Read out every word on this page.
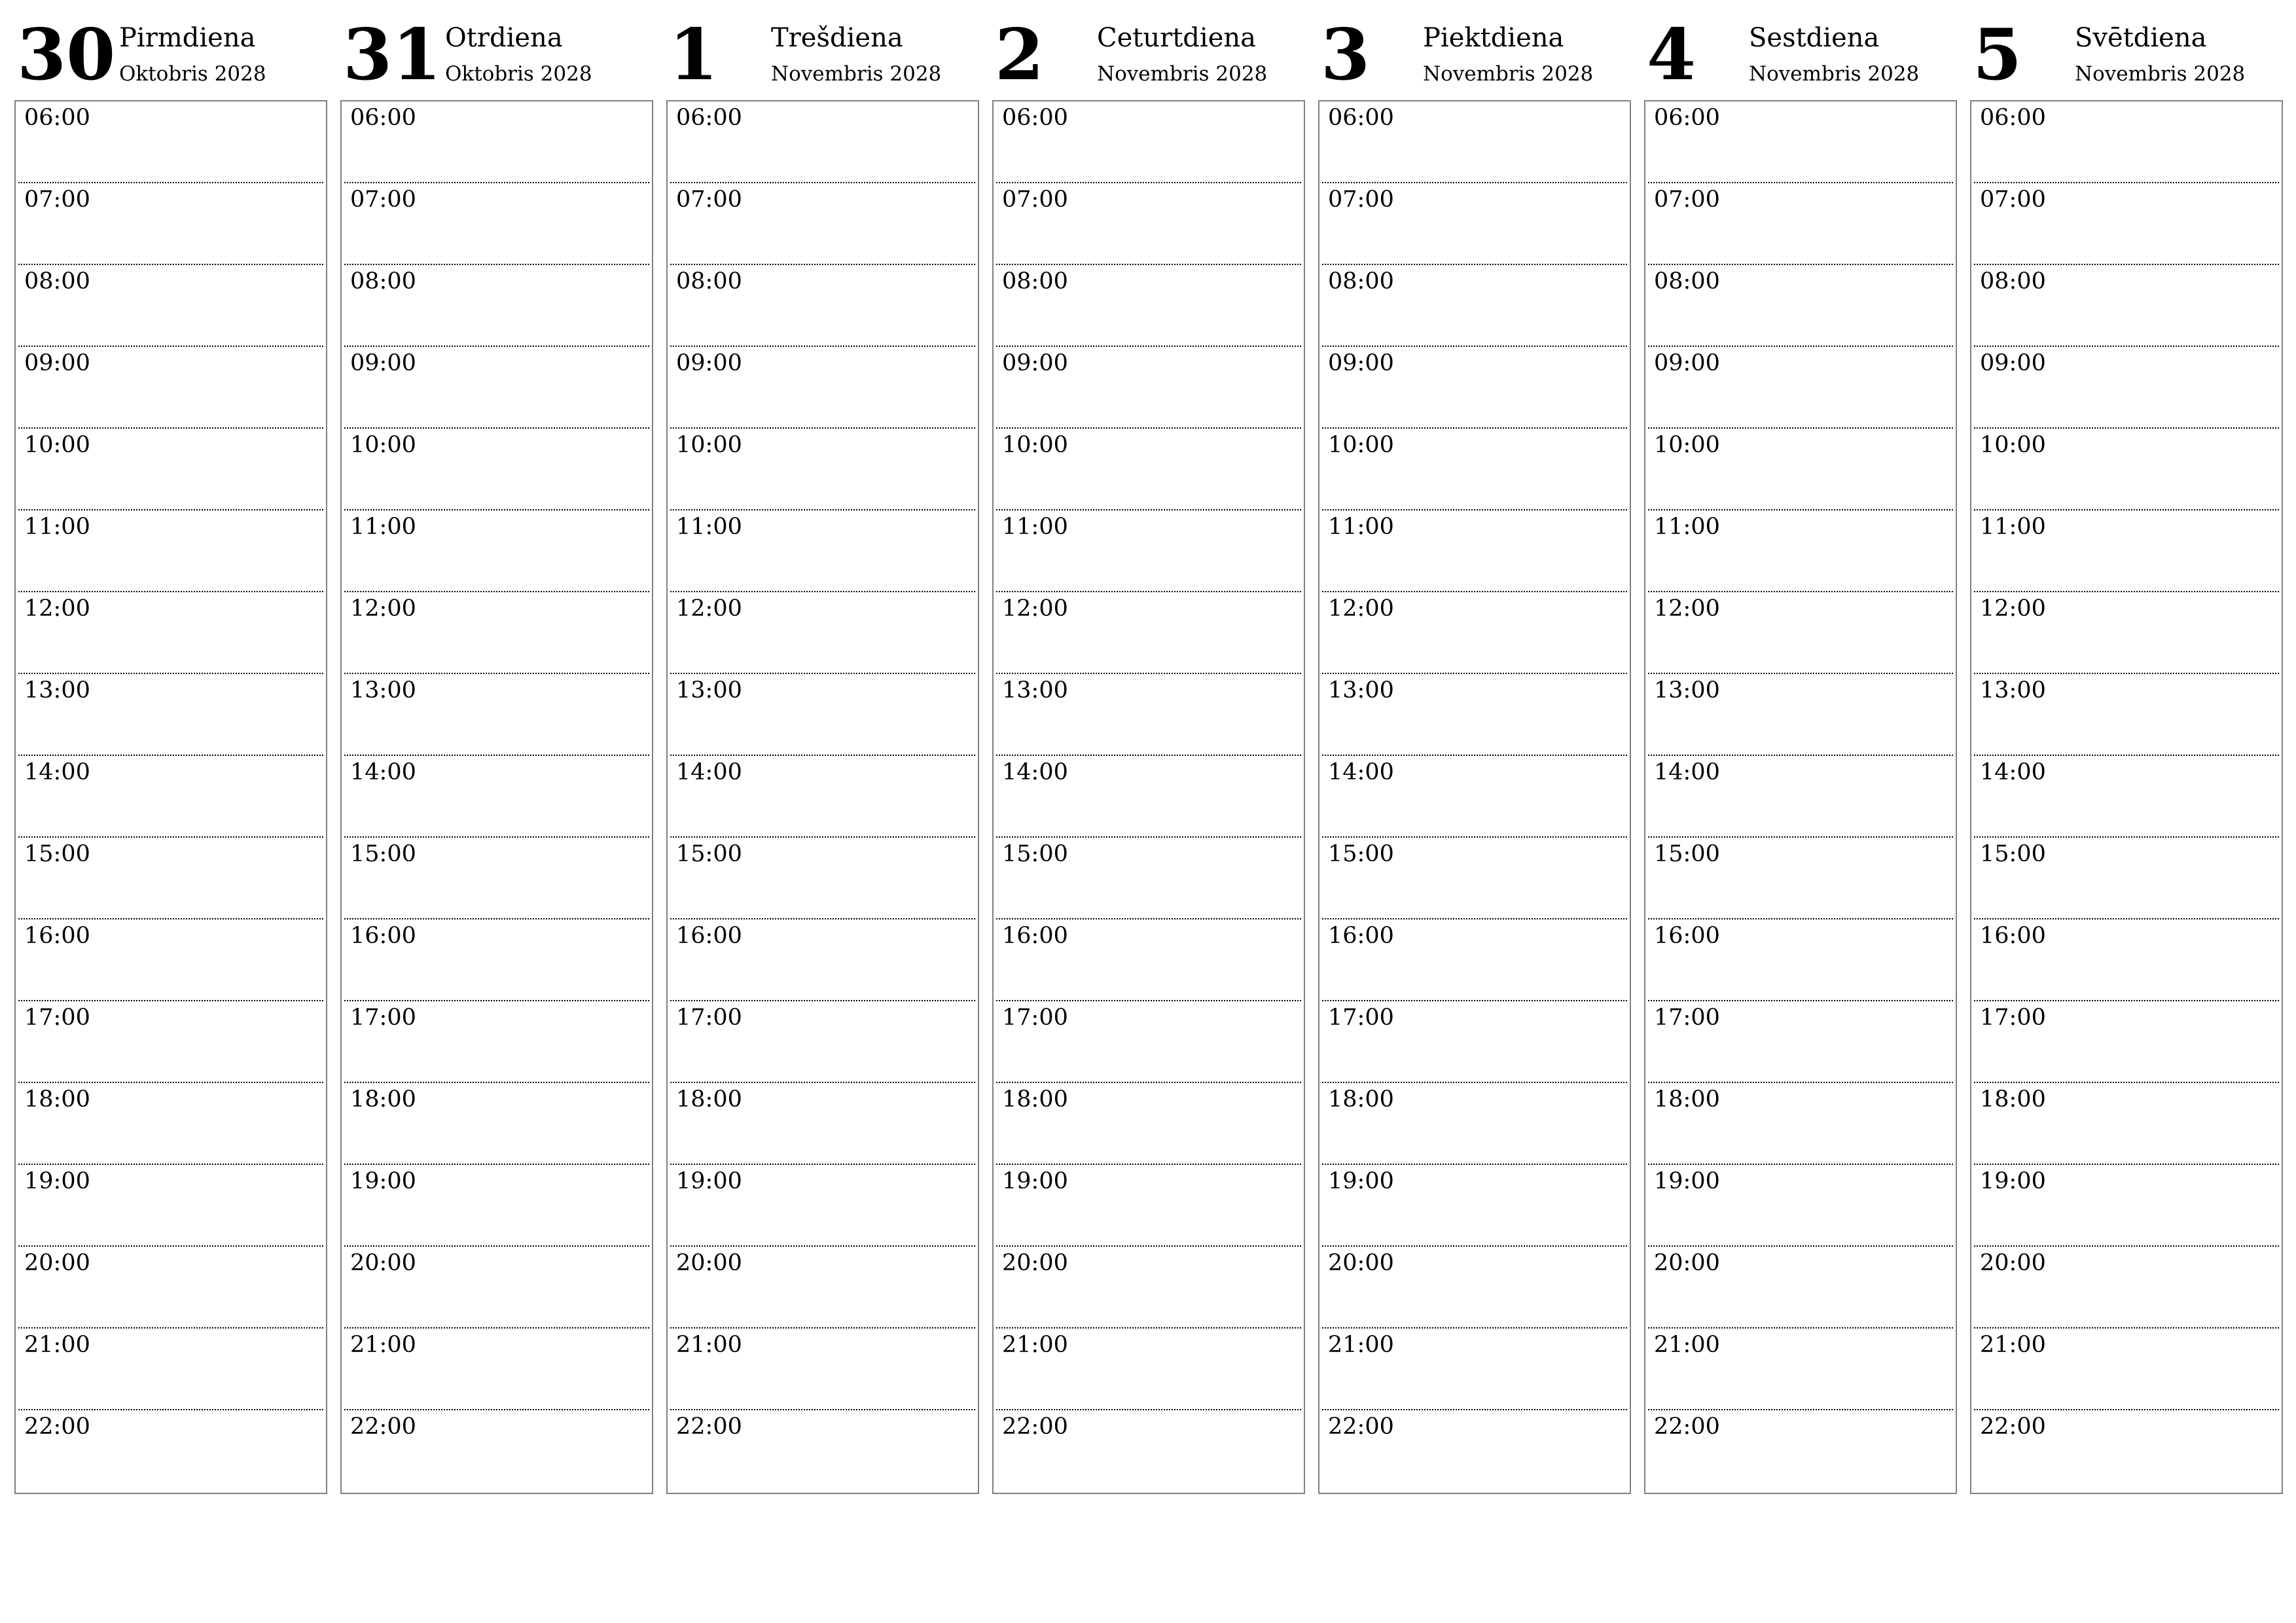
30 Pirmdiena
Oktobris 2028
06:00
07:00
08:00
09:00
10:00
11:00
12:00
13:00
14:00
15:00
16:00
17:00
18:00
19:00
20:00
21:00
22:00
31 Otrdiena
Oktobris 2028
06:00
07:00
08:00
09:00
10:00
11:00
12:00
13:00
14:00
15:00
16:00
17:00
18:00
19:00
20:00
21:00
22:00
1 Trešdiena
Novembris 2028
06:00
07:00
08:00
09:00
10:00
11:00
12:00
13:00
14:00
15:00
16:00
17:00
18:00
19:00
20:00
21:00
22:00
2 Ceturtdiena
Novembris 2028
06:00
07:00
08:00
09:00
10:00
11:00
12:00
13:00
14:00
15:00
16:00
17:00
18:00
19:00
20:00
21:00
22:00
3 Piektdiena
Novembris 2028
06:00
07:00
08:00
09:00
10:00
11:00
12:00
13:00
14:00
15:00
16:00
17:00
18:00
19:00
20:00
21:00
22:00
4 Sestdiena
Novembris 2028
06:00
07:00
08:00
09:00
10:00
11:00
12:00
13:00
14:00
15:00
16:00
17:00
18:00
19:00
20:00
21:00
22:00
5 Svētdiena
Novembris 2028
06:00
07:00
08:00
09:00
10:00
11:00
12:00
13:00
14:00
15:00
16:00
17:00
18:00
19:00
20:00
21:00
22:00
